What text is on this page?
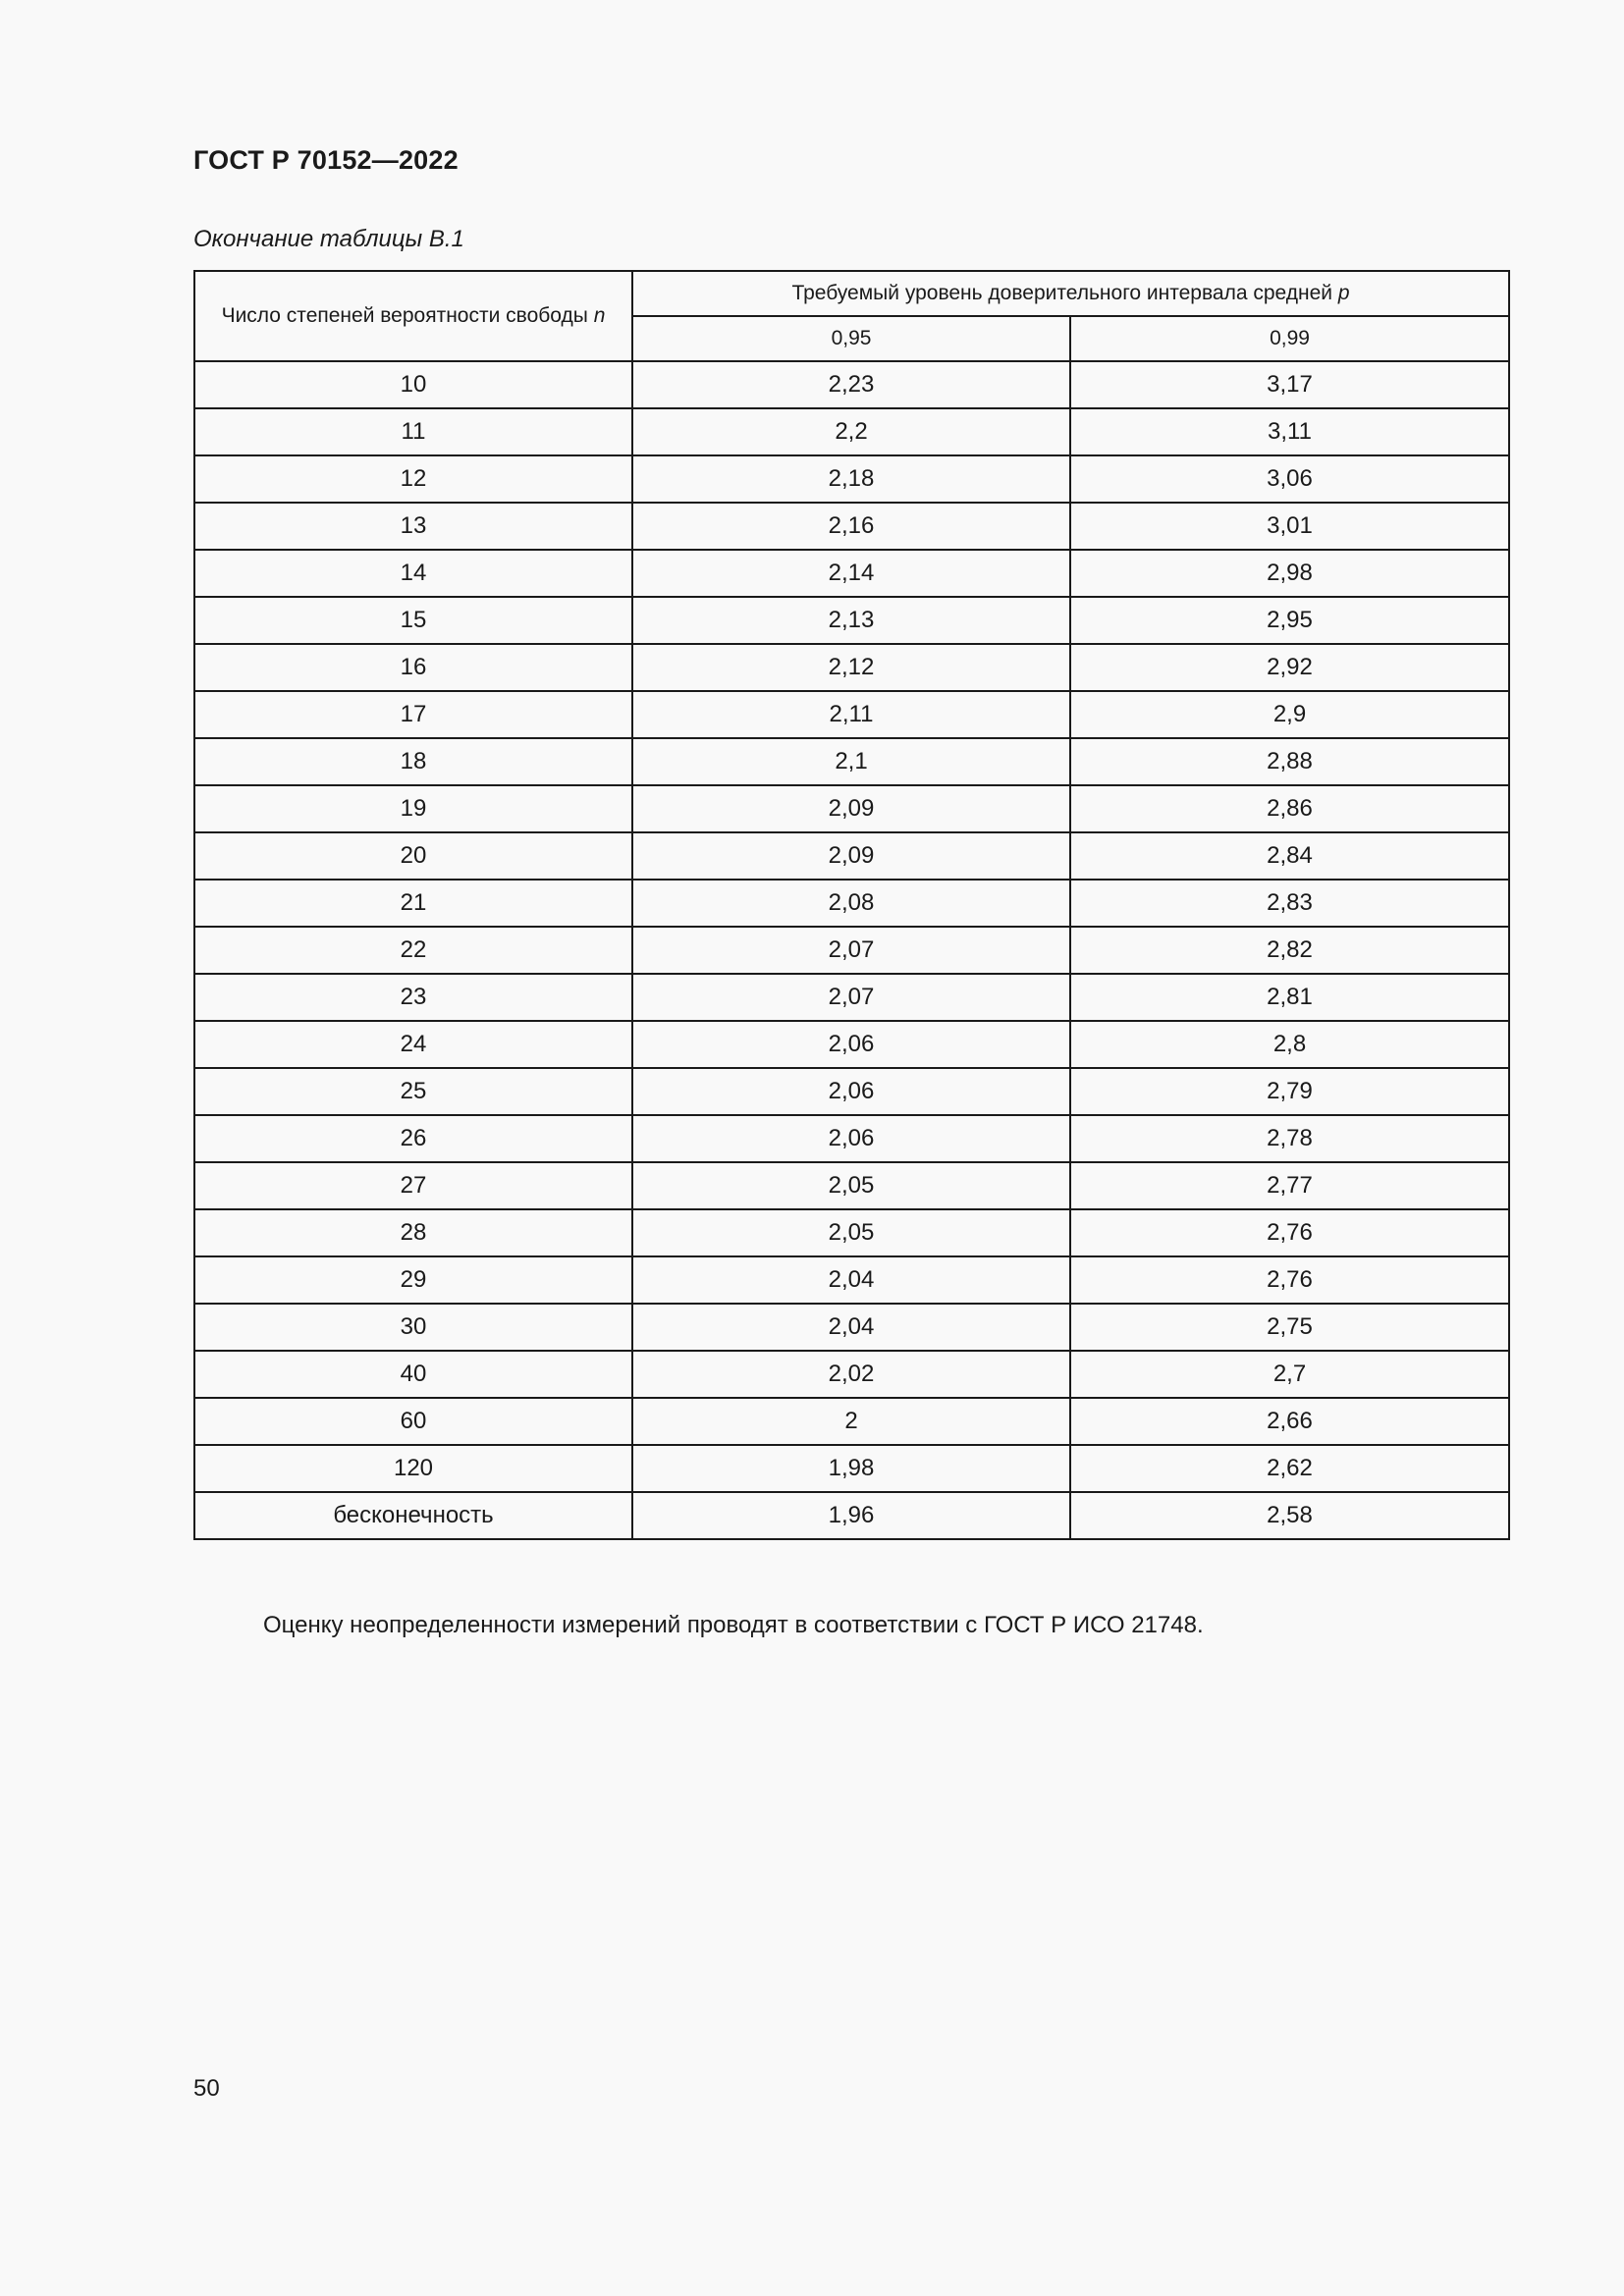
ГОСТ Р 70152—2022
Окончание таблицы В.1
Число степеней вероятности свободы n	Требуемый уровень доверительного интервала средней p	
	0,95	0,99
10	2,23	3,17
11	2,2	3,11
12	2,18	3,06
13	2,16	3,01
14	2,14	2,98
15	2,13	2,95
16	2,12	2,92
17	2,11	2,9
18	2,1	2,88
19	2,09	2,86
20	2,09	2,84
21	2,08	2,83
22	2,07	2,82
23	2,07	2,81
24	2,06	2,8
25	2,06	2,79
26	2,06	2,78
27	2,05	2,77
28	2,05	2,76
29	2,04	2,76
30	2,04	2,75
40	2,02	2,7
60	2	2,66
120	1,98	2,62
бесконечность	1,96	2,58
Оценку неопределенности измерений проводят в соответствии с ГОСТ Р ИСО 21748.
50
